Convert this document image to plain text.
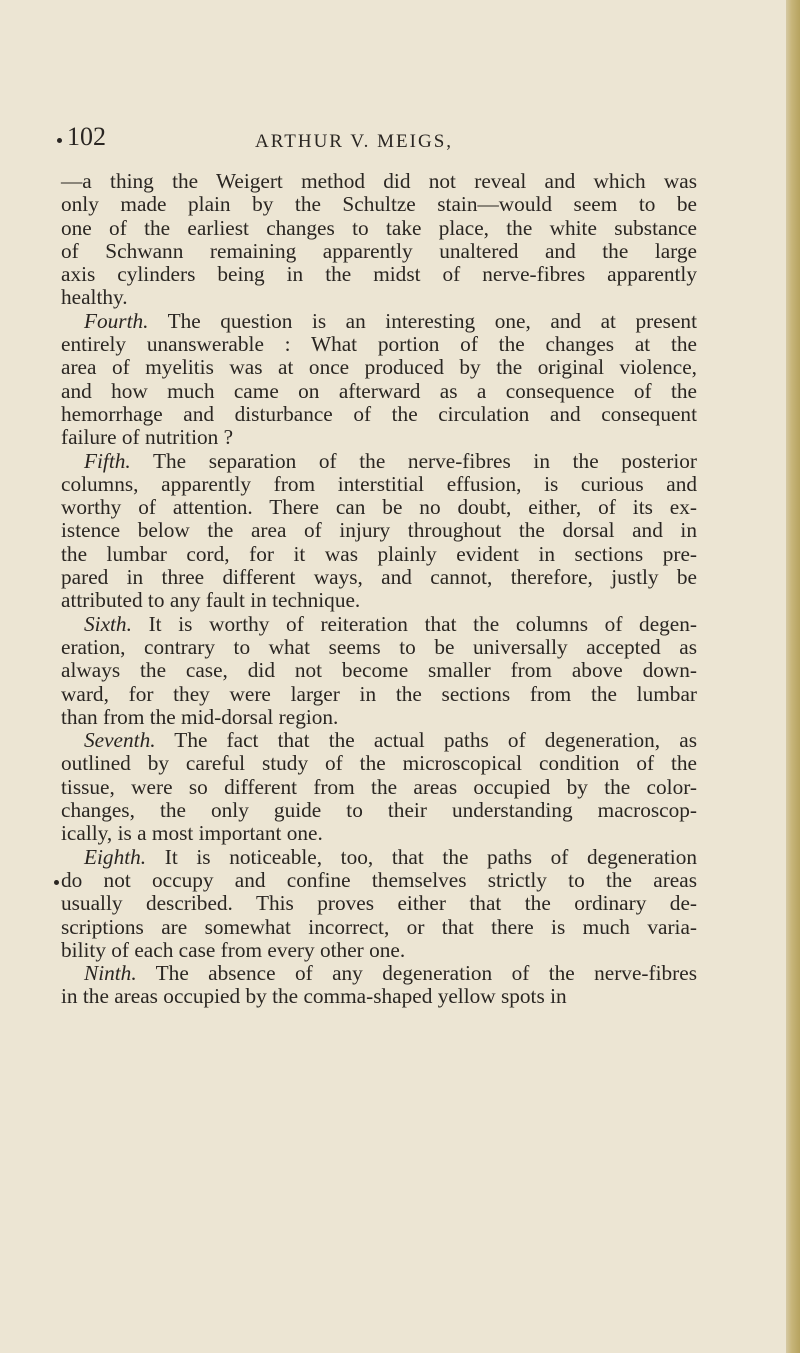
102	ARTHUR V. MEIGS,

—a thing the Weigert method did not reveal and which was

only made plain by the Schultze stain—would seem to be

one of the earliest changes to take place, the white substance

of Schwann remaining apparently unaltered and the large

axis cylinders being in the midst of nerve-fibres apparently

healthy.

Fourth. The question is an interesting one, and at present

entirely unanswerable : What portion of the changes at the

area of myelitis was at once produced by the original violence,

and how much came on afterward as a consequence of the

hemorrhage and disturbance of the circulation and consequent

failure of nutrition ?

Fifth. The separation of the nerve-fibres in the posterior

columns, apparently from interstitial effusion, is curious and

worthy of attention. There can be no doubt, either, of its ex-

istence below the area of injury throughout the dorsal and in

the lumbar cord, for it was plainly evident in sections pre-

pared in three different ways, and cannot, therefore, justly be

attributed to any fault in technique.

Sixth. It is worthy of reiteration that the columns of degen-

eration, contrary to what seems to be universally accepted as

always the case, did not become smaller from above down-

ward, for they were larger in the sections from the lumbar

than from the mid-dorsal region.

Seventh. The fact that the actual paths of degeneration, as

outlined by careful study of the microscopical condition of the

tissue, were so different from the areas occupied by the color-

changes, the only guide to their understanding macroscop-

ically, is a most important one.

Eighth. It is noticeable, too, that the paths of degeneration

do not occupy and confine themselves strictly to the areas

usually described. This proves either that the ordinary de-

scriptions are somewhat incorrect, or that there is much varia-

bility of each case from every other one.

Ninth. The absence of any degeneration of the nerve-fibres

in the areas occupied by the comma-shaped yellow spots in
